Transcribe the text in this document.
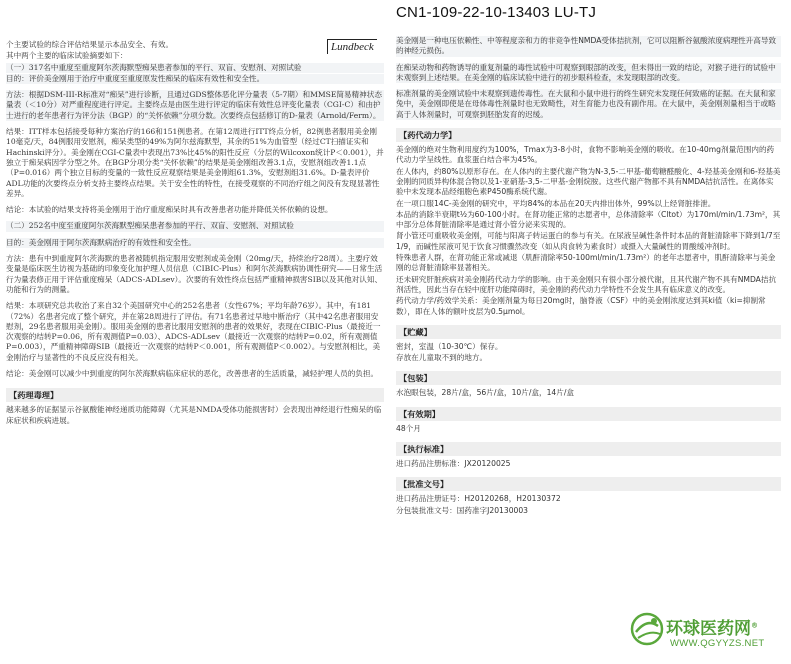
CN1-109-22-10-13403 LU-TJ
Lundbeck

个主要试验的综合评估结果显示本品安全、有效。

其中两个主要的临床试验摘要如下：

（一）317名中重度至重度阿尔茨海默型痴呆患者参加的平行、双盲、安慰剂、对照试验

目的：评价美金刚用于治疗中重度至重度原发性痴呆的临床有效性和安全性。

方法：根据DSM-III-R标准对“痴呆”进行诊断，且通过GDS整体恶化评分量表（5-7期）和MMSE简易精神状态量表（＜10分）对严重程度进行评定。主要终点是由医生进行评定的临床有效性总评变化量表（CGI-C）和由护士进行的老年患者行为评分法（BGP）的“关怀依赖”分项分数。次要终点包括修订的D-量表（Arnold/Ferm）。

结果：ITT样本包括接受每种方案治疗的166和151例患者。在第12周进行ITT终点分析，82例患者服用美金刚10毫克/天，84例服用安慰剂，痴呆类型的49%为阿尔兹海默型，其余的51%为血管型（经过CT扫描证实和Hachinski评分）。美金刚在CGI-C量表中表现出73%比45%的阳性反应（分层的Wilcoxon统计P＜0.001），并独立于痴呆病因学分型之外。在BGP分项分类“关怀依赖”的结果是美金刚组改善3.1点，安慰剂组改善1.1点（P=0.016）两个独立目标的变量的一致性反应观察结果是美金刚组61.3%，安慰剂组31.6%。D-量表评价ADL功能的次要终点分析支持主要终点结果。关于安全性的特性，在接受观察的不同治疗组之间没有发现显著性差异。

结论：本试验的结果支持将美金刚用于治疗重度痴呆时具有改善患者功能并降低关怀依赖的设想。

（二）252名中度至重度阿尔茨海默型痴呆患者参加的平行、双盲、安慰剂、对照试验

目的：美金刚用于阿尔茨海默病治疗的有效性和安全性。

方法：患有中到重度阿尔茨海默的患者被随机指定服用安慰剂或美金刚（20mg/天，持续治疗28周）。主要疗效变量是临床医生访视为基础的印象变化加护理人员信息（CIBIC-Plus）和阿尔茨海默病协调性研究——日常生活行为量表修正用于评估重度痴呆（ADCS-ADLsev）。次要的有效性终点包括严重精神损害SIB以及其他对认知、功能和行为的测量。

结果：本项研究总共收治了来自32个美国研究中心的252名患者（女性67%；平均年龄76岁）。其中，有181（72%）名患者完成了整个研究，并在第28周进行了评估。有71名患者过早地中断治疗（其中42名患者服用安慰剂，29名患者服用美金刚）。服用美金刚的患者比服用安慰剂的患者的效果好，表现在CIBIC-Plus（最接近一次观察的结转P=0.06，所有观测值P=0.03）、ADCS-ADLsev（最接近一次观察的结转P=0.02，所有观测值P=0.003），严重精神障碍SIB（最接近一次观察的结转P＜0.001，所有观测值P＜0.002）。与安慰剂相比，美金刚治疗与显著性的不良反应没有相关。

结论：美金刚可以减少中到重度的阿尔茨海默病临床症状的恶化，改善患者的生活质量，减轻护理人员的负担。

【药理毒理】

越来越多的证据显示谷氨酸能神经递质功能障碍（尤其是NMDA受体功能损害时）会表现出神经退行性痴呆的临床症状和疾病进展。

美金刚是一种电压依赖性、中等程度亲和力的非竞争性NMDA受体拮抗剂，它可以阻断谷氨酸浓度病理性升高导致的神经元损伤。

在痴呆动物和药物诱导的重复剂量的毒性试验中可观察到眼部的改变，但未得出一致的结论，对猴子进行的试验中未观察到上述结果。在美金刚的临床试验中进行的初步眼科检查，未发现眼部的改变。

标准剂量的美金刚试验中未观察到遗传毒性。在大鼠和小鼠中进行的终生研究未发现任何致癌的证据。在大鼠和家兔中，美金刚即使是在母体毒性剂量时也无致畸性，对生育能力也没有副作用。在大鼠中，美金刚剂量相当于或略高于人体剂量时，可观察到胚胎发育的迟缓。

【药代动力学】

美金刚的绝对生物利用度约为100%，Tmax为3-8小时，食物不影响美金刚的吸收。在10-40mg剂量范围内的药代动力学呈线性。血浆蛋白结合率为45%。

在人体内，约80%以原形存在。在人体内的主要代谢产物为N-3,5-二甲基-葡萄糖醛酸化、4-羟基美金刚和6-羟基美金刚的同质异构体混合物以及1-亚硝基-3,5-二甲基-金刚烷胺。这些代谢产物都不具有NMDA拮抗活性。在离体实验中未发现本品经细胞色素P450酶系统代谢。

在一项口服14C-美金刚的研究中，平均84%的本品在20天内排出体外，99%以上经肾脏排泄。

本品的消除半衰期t½为60-100小时。在肾功能正常的志愿者中，总体清除率（Cltot）为170ml/min/1.73m²，其中部分总体肾脏清除率是通过肾小管分泌来实现的。

肾小管还可重吸收美金刚，可能与阳离子转运蛋白的参与有关。在尿液呈碱性条件时本品的肾脏清除率下降到1/7至1/9，而碱性尿液可见于饮食习惯骤然改变（如从肉食转为素食时）或摄入大量碱性的胃酸缓冲剂时。

特殊患者人群，在肾功能正常或减退（肌酐清除率50-100ml/min/1.73m²）的老年志愿者中，肌酐清除率与美金刚的总肾脏清除率显著相关。

还未研究肝脏疾病对美金刚药代动力学的影响。由于美金刚只有很小部分被代谢，且其代谢产物不具有NMDA拮抗剂活性，因此当存在轻中度肝功能障碍时，美金刚的药代动力学特性不会发生具有临床意义的改变。

药代动力学/药效学关系：美金刚剂量为每日20mg时，脑脊液（CSF）中的美金刚浓度达到其ki值（ki=抑制常数），即在人体的额叶皮层为0.5μmol。

【贮藏】

密封，室温（10-30℃）保存。

存放在儿童取不到的地方。

【包装】

水泡眼包装，28片/盒，56片/盒，10片/盒，14片/盒

【有效期】

48个月

【执行标准】

进口药品注册标准：JX20120025

【批准文号】

进口药品注册证号：H20120268，H20130372

分包装批准文号：国药准字J20130003

环球医药网®
WWW.QGYYZS.NET
